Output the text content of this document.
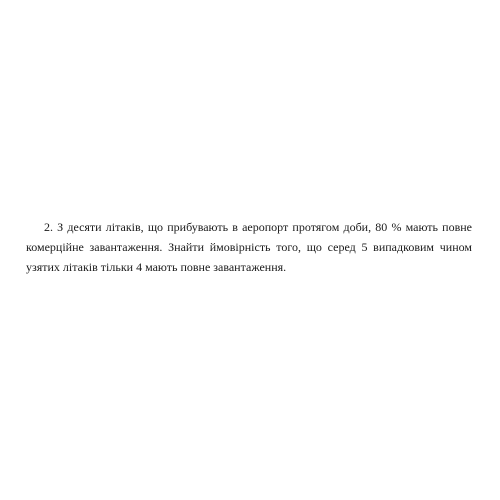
2. З десяти літаків, що прибувають в аеропорт протягом доби, 80 % мають повне
комерційне завантаження. Знайти ймовірність того, що серед 5 випадковим чином
узятих літаків тільки 4 мають повне завантаження.
